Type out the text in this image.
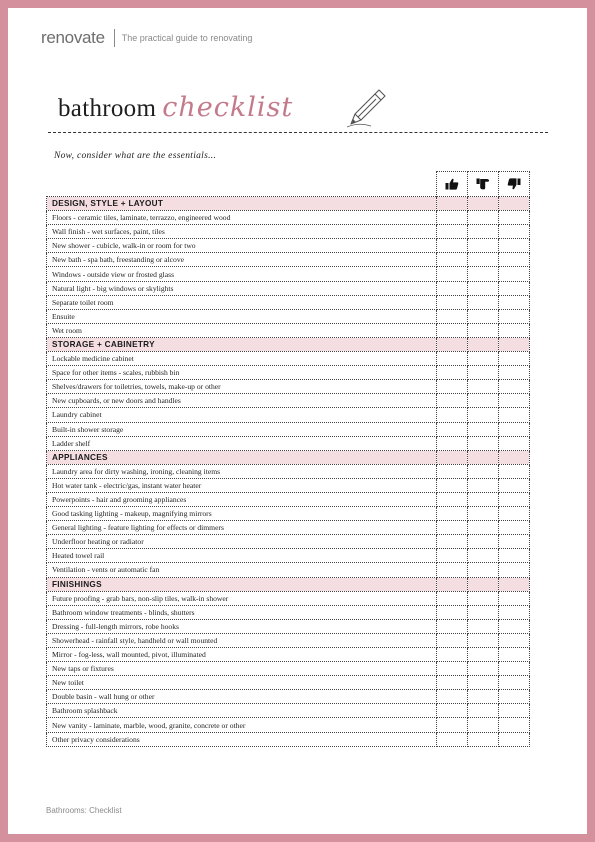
renovate The practical guide to renovating
bathroom checklist
Now, consider what are the essentials...

DESIGN, STYLE + LAYOUT			
Floors - ceramic tiles, laminate, terrazzo, engineered wood			
Wall finish - wet surfaces, paint, tiles			
New shower - cubicle, walk-in or room for two			
New bath - spa bath, freestanding or alcove			
Windows - outside view or frosted glass			
Natural light - big windows or skylights			
Separate toilet room			
Ensuite			
Wet room			
STORAGE + CABINETRY			
Lockable medicine cabinet			
Space for other items - scales, rubbish bin			
Shelves/drawers for toiletries, towels, make-up or other			
New cupboards, or new doors and handles			
Laundry cabinet			
Built-in shower storage			
Ladder shelf			
APPLIANCES			
Laundry area for dirty washing, ironing, cleaning items			
Hot water tank - electric/gas, instant water heater			
Powerpoints - hair and grooming appliances			
Good tasking lighting - makeup, magnifying mirrors			
General lighting - feature lighting for effects or dimmers			
Underfloor heating or radiator			
Heated towel rail			
Ventilation - vents or automatic fan			
FINISHINGS			
Future proofing - grab bars, non-slip tiles, walk-in shower			
Bathroom window treatments - blinds, shutters			
Dressing - full-length mirrors, robe hooks			
Showerhead - rainfall style, handheld or wall mounted			
Mirror - fog-less, wall mounted, pivot, illuminated			
New taps or fixtures			
New toilet			
Double basin - wall hung or other			
Bathroom splashback			
New vanity - laminate, marble, wood, granite, concrete or other			
Other privacy considerations			
Bathrooms: Checklist
